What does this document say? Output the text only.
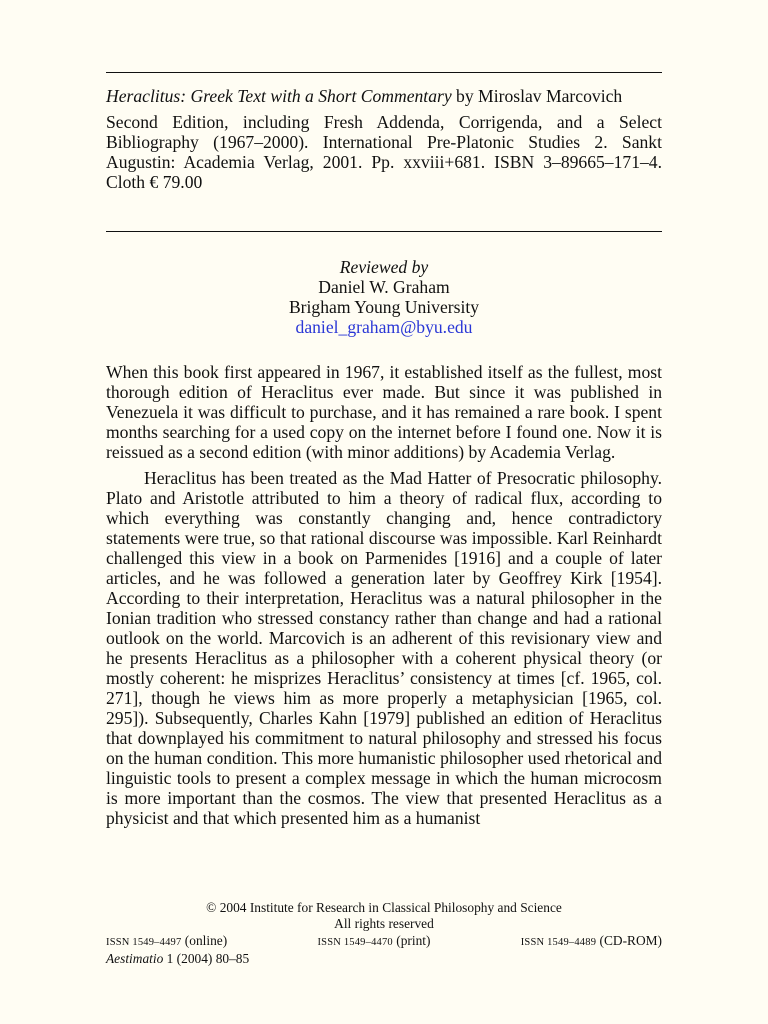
Heraclitus: Greek Text with a Short Commentary by Miroslav Marcovich

Second Edition, including Fresh Addenda, Corrigenda, and a Select Bibliography (1967–2000). International Pre-Platonic Studies 2. Sankt Augustin: Academia Verlag, 2001. Pp. xxviii+681. ISBN 3–89665–171–4. Cloth € 79.00

Reviewed by
Daniel W. Graham
Brigham Young University
daniel_graham@byu.edu

When this book first appeared in 1967, it established itself as the fullest, most thorough edition of Heraclitus ever made. But since it was published in Venezuela it was difficult to purchase, and it has remained a rare book. I spent months searching for a used copy on the internet before I found one. Now it is reissued as a second edition (with minor additions) by Academia Verlag.

Heraclitus has been treated as the Mad Hatter of Presocratic philosophy. Plato and Aristotle attributed to him a theory of radical flux, according to which everything was constantly changing and, hence contradictory statements were true, so that rational discourse was impossible. Karl Reinhardt challenged this view in a book on Parmenides [1916] and a couple of later articles, and he was followed a generation later by Geoffrey Kirk [1954]. According to their interpretation, Heraclitus was a natural philosopher in the Ionian tradition who stressed constancy rather than change and had a rational outlook on the world. Marcovich is an adherent of this revisionary view and he presents Heraclitus as a philosopher with a coherent physical theory (or mostly coherent: he misprizes Heraclitus’ consistency at times [cf. 1965, col. 271], though he views him as more properly a metaphysician [1965, col. 295]). Subsequently, Charles Kahn [1979] published an edition of Heraclitus that downplayed his commitment to natural philosophy and stressed his focus on the human condition. This more humanistic philosopher used rhetorical and linguistic tools to present a complex message in which the human microcosm is more important than the cosmos. The view that presented Heraclitus as a physicist and that which presented him as a humanist

© 2004 Institute for Research in Classical Philosophy and Science
All rights reserved
ISSN 1549–4497 (online)	ISSN 1549–4470 (print)	ISSN 1549–4489 (CD-ROM)
Aestimatio 1 (2004) 80–85
